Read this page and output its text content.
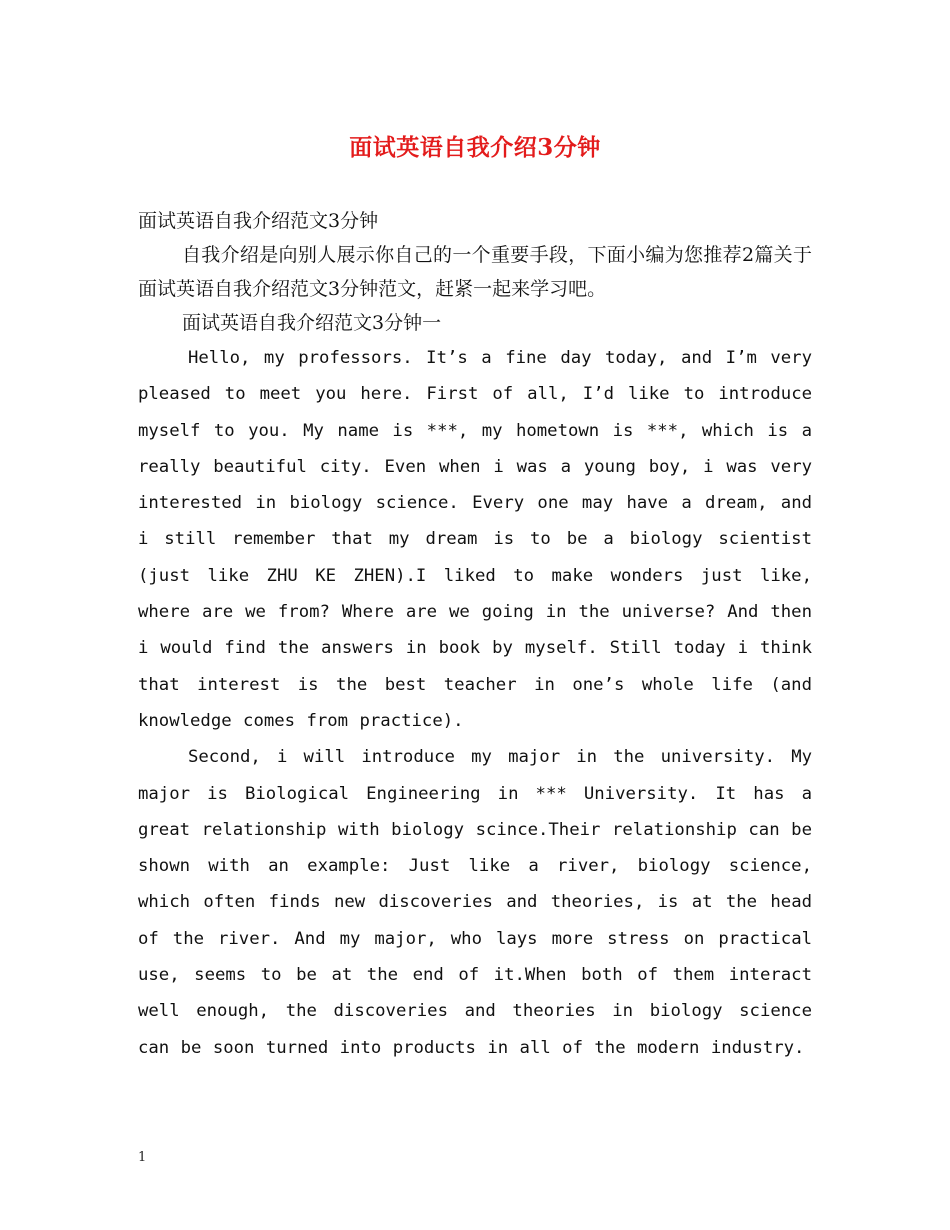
面试英语自我介绍3分钟

面试英语自我介绍范文3分钟

自我介绍是向别人展示你自己的一个重要手段，下面小编为您推荐2篇关于面试英语自我介绍范文3分钟范文，赶紧一起来学习吧。

面试英语自我介绍范文3分钟一

Hello, my professors. It’s a fine day today, and I’m very pleased to meet you here. First of all, I’d like to introduce myself to you. My name is ***, my hometown is ***, which is a really beautiful city. Even when i was a young boy, i was very interested in biology science. Every one may have a dream, and i still remember that my dream is to be a biology scientist (just like ZHU KE ZHEN).I liked to make wonders just like, where are we from? Where are we going in the universe? And then i would find the answers in book by myself. Still today i think that interest is the best teacher in one’s whole life (and knowledge comes from practice).

Second, i will introduce my major in the university. My major is Biological Engineering in *** University. It has a great relationship with biology scince.Their relationship can be shown with an example: Just like a river, biology science, which often finds new discoveries and theories, is at the head of the river. And my major, who lays more stress on practical use, seems to be at the end of it.When both of them interact well enough, the discoveries and theories in biology science can be soon turned into products in all of the modern industry.

1
